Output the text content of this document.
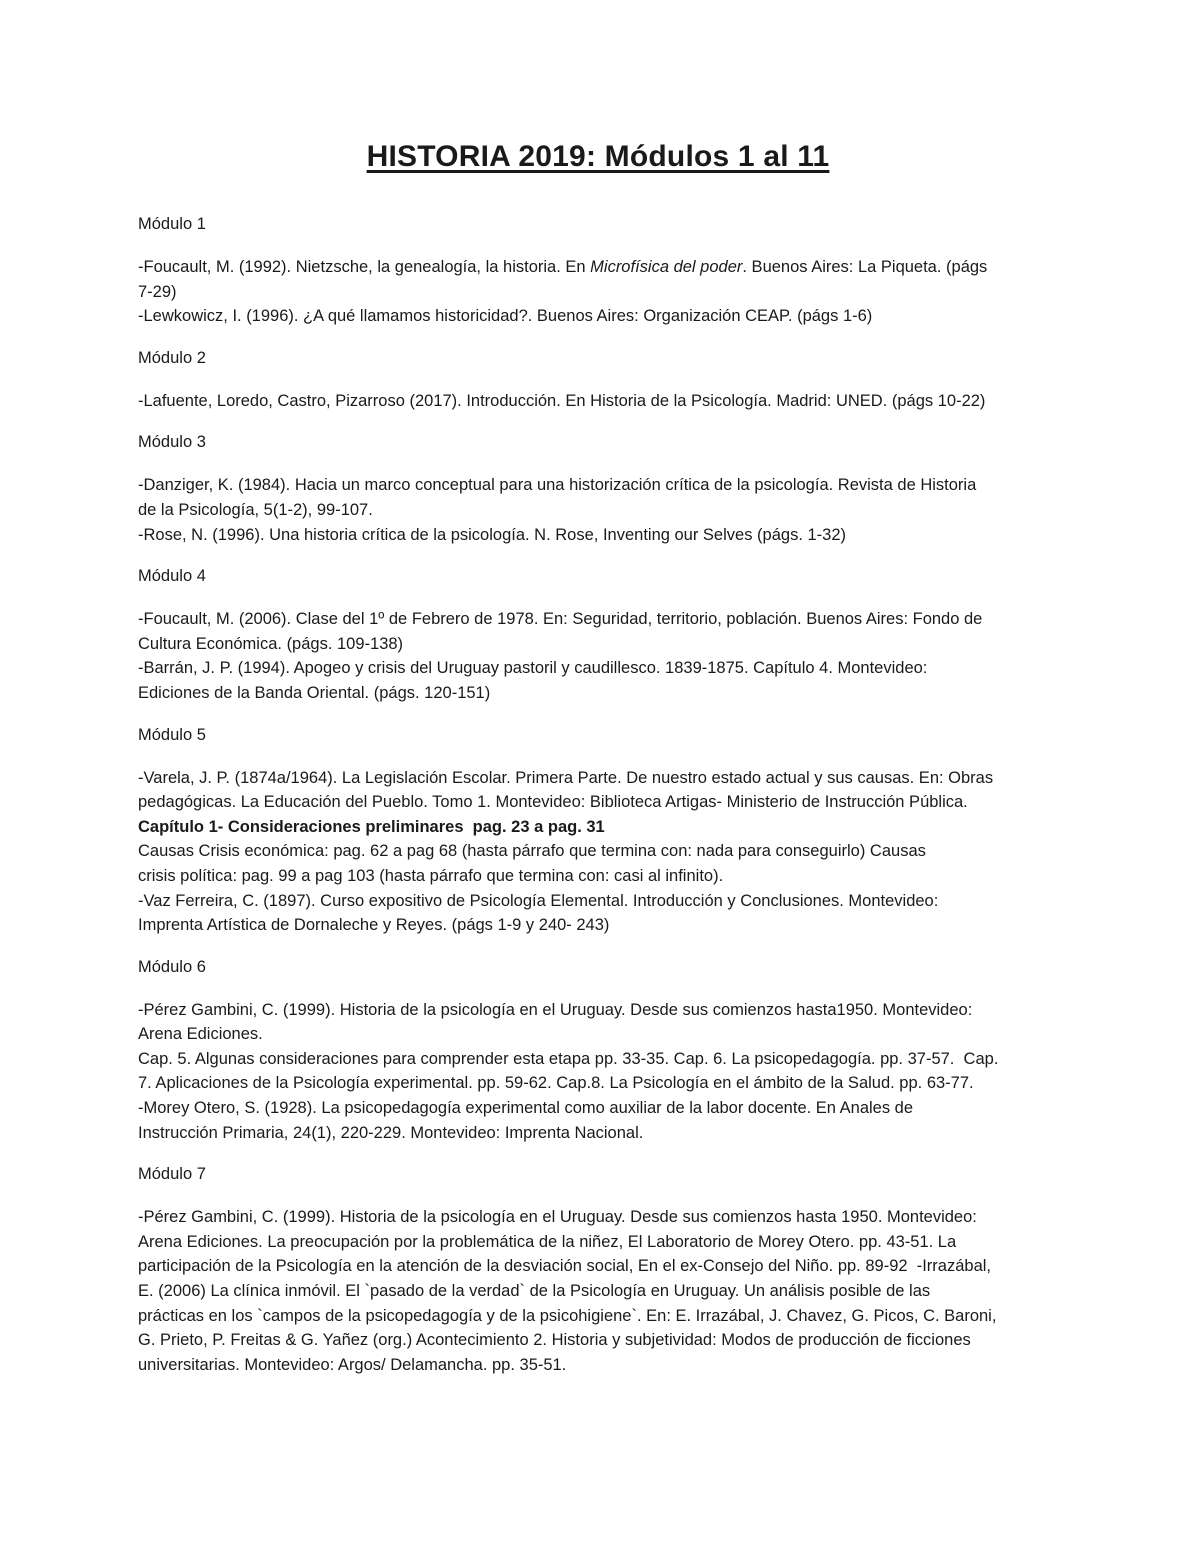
HISTORIA 2019: Módulos 1 al 11

Módulo 1

-Foucault, M. (1992). Nietzsche, la genealogía, la historia. En Microfísica del poder. Buenos Aires: La Piqueta. (págs

7-29)

-Lewkowicz, I. (1996). ¿A qué llamamos historicidad?. Buenos Aires: Organización CEAP. (págs 1-6)

Módulo 2

-Lafuente, Loredo, Castro, Pizarroso (2017). Introducción. En Historia de la Psicología. Madrid: UNED. (págs 10-22)

Módulo 3

-Danziger, K. (1984). Hacia un marco conceptual para una historización crítica de la psicología. Revista de Historia

de la Psicología, 5(1-2), 99-107.

-Rose, N. (1996). Una historia crítica de la psicología. N. Rose, Inventing our Selves (págs. 1-32)

Módulo 4

-Foucault, M. (2006). Clase del 1º de Febrero de 1978. En: Seguridad, territorio, población. Buenos Aires: Fondo de

Cultura Económica. (págs. 109-138)

-Barrán, J. P. (1994). Apogeo y crisis del Uruguay pastoril y caudillesco. 1839-1875. Capítulo 4. Montevideo:

Ediciones de la Banda Oriental. (págs. 120-151)

Módulo 5

-Varela, J. P. (1874a/1964). La Legislación Escolar. Primera Parte. De nuestro estado actual y sus causas. En: Obras

pedagógicas. La Educación del Pueblo. Tomo 1. Montevideo: Biblioteca Artigas- Ministerio de Instrucción Pública.

Capítulo 1- Consideraciones preliminares  pag. 23 a pag. 31

Causas Crisis económica: pag. 62 a pag 68 (hasta párrafo que termina con: nada para conseguirlo) Causas

crisis política: pag. 99 a pag 103 (hasta párrafo que termina con: casi al infinito).

-Vaz Ferreira, C. (1897). Curso expositivo de Psicología Elemental. Introducción y Conclusiones. Montevideo:

Imprenta Artística de Dornaleche y Reyes. (págs 1-9 y 240- 243)

Módulo 6

-Pérez Gambini, C. (1999). Historia de la psicología en el Uruguay. Desde sus comienzos hasta1950. Montevideo:

Arena Ediciones.

Cap. 5. Algunas consideraciones para comprender esta etapa pp. 33-35. Cap. 6. La psicopedagogía. pp. 37-57.  Cap.

7. Aplicaciones de la Psicología experimental. pp. 59-62. Cap.8. La Psicología en el ámbito de la Salud. pp. 63-77.

-Morey Otero, S. (1928). La psicopedagogía experimental como auxiliar de la labor docente. En Anales de

Instrucción Primaria, 24(1), 220-229. Montevideo: Imprenta Nacional.

Módulo 7

-Pérez Gambini, C. (1999). Historia de la psicología en el Uruguay. Desde sus comienzos hasta 1950. Montevideo:

Arena Ediciones. La preocupación por la problemática de la niñez, El Laboratorio de Morey Otero. pp. 43-51. La

participación de la Psicología en la atención de la desviación social, En el ex-Consejo del Niño. pp. 89-92  -Irrazábal,

E. (2006) La clínica inmóvil. El `pasado de la verdad` de la Psicología en Uruguay. Un análisis posible de las

prácticas en los `campos de la psicopedagogía y de la psicohigiene`. En: E. Irrazábal, J. Chavez, G. Picos, C. Baroni,

G. Prieto, P. Freitas & G. Yañez (org.) Acontecimiento 2. Historia y subjetividad: Modos de producción de ficciones

universitarias. Montevideo: Argos/ Delamancha. pp. 35-51.
